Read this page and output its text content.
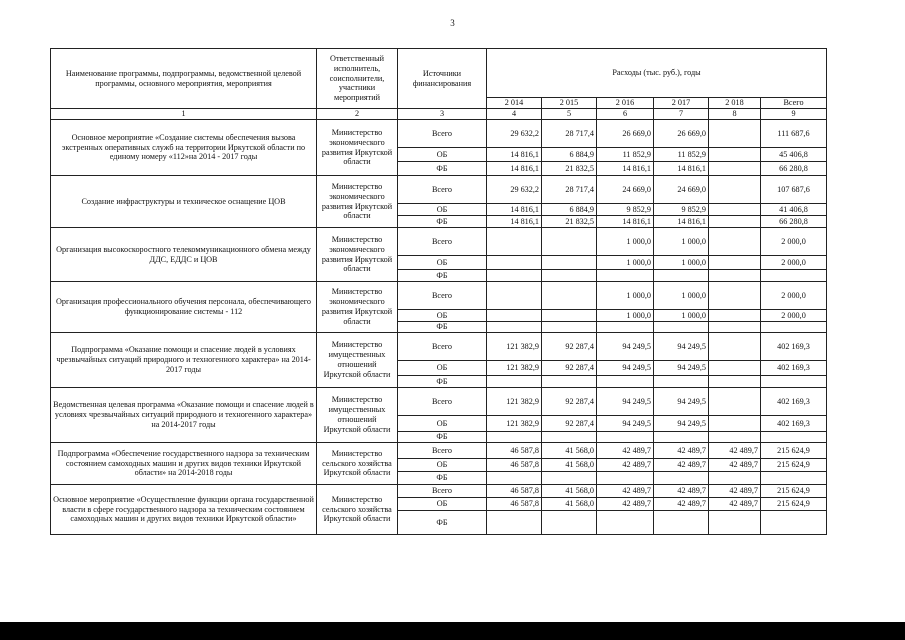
3
Наименование программы, подпрограммы, ведомственной целевой программы, основного мероприятия, мероприятия	Ответственный исполнитель, соисполнители, участники мероприятий	Источники финансирования	Расходы (тыс. руб.), годы					
			2 014	2 015	2 016	2 017	2 018	Всего
1	2	3	4	5	6	7	8	9
Основное мероприятие «Создание системы обеспечения вызова экстренных оперативных служб на территории Иркутской области по единому номеру «112»на 2014 - 2017 годы	Министерство экономического развития Иркутской области	Всего	29 632,2	28 717,4	26 669,0	26 669,0		111 687,6
		ОБ	14 816,1	6 884,9	11 852,9	11 852,9		45 406,8
		ФБ	14 816,1	21 832,5	14 816,1	14 816,1		66 280,8
Создание инфраструктуры и техническое оснащение ЦОВ	Министерство экономического развития Иркутской области	Всего	29 632,2	28 717,4	24 669,0	24 669,0		107 687,6
		ОБ	14 816,1	6 884,9	9 852,9	9 852,9		41 406,8
		ФБ	14 816,1	21 832,5	14 816,1	14 816,1		66 280,8
Организация высокоскоростного телекоммуникационного обмена между ДДС, ЕДДС и ЦОВ	Министерство экономического развития Иркутской области	Всего			1 000,0	1 000,0		2 000,0
		ОБ			1 000,0	1 000,0		2 000,0
		ФБ						
Организация профессионального обучения персонала, обеспечивающего функционирование системы - 112	Министерство экономического развития Иркутской области	Всего			1 000,0	1 000,0		2 000,0
		ОБ			1 000,0	1 000,0		2 000,0
		ФБ						
Подпрограмма «Оказание помощи и спасение людей в условиях чрезвычайных ситуаций природного и техногенного характера» на 2014-2017 годы	Министерство имущественных отношений Иркутской области	Всего	121 382,9	92 287,4	94 249,5	94 249,5		402 169,3
		ОБ	121 382,9	92 287,4	94 249,5	94 249,5		402 169,3
		ФБ						
Ведомственная целевая программа «Оказание помощи и спасение людей в условиях чрезвычайных ситуаций природного и техногенного характера» на 2014-2017 годы	Министерство имущественных отношений Иркутской области	Всего	121 382,9	92 287,4	94 249,5	94 249,5		402 169,3
		ОБ	121 382,9	92 287,4	94 249,5	94 249,5		402 169,3
		ФБ						
Подпрограмма «Обеспечение государственного надзора за техническим состоянием самоходных машин и других видов техники Иркутской области» на 2014-2018 годы	Министерство сельского хозяйства Иркутской области	Всего	46 587,8	41 568,0	42 489,7	42 489,7	42 489,7	215 624,9
		ОБ	46 587,8	41 568,0	42 489,7	42 489,7	42 489,7	215 624,9
		ФБ						
Основное мероприятие «Осуществление функции органа государственной власти в сфере государственного надзора за техническим состоянием самоходных машин и других видов техники Иркутской области»	Министерство сельского хозяйства Иркутской области	Всего	46 587,8	41 568,0	42 489,7	42 489,7	42 489,7	215 624,9
		ОБ	46 587,8	41 568,0	42 489,7	42 489,7	42 489,7	215 624,9
		ФБ						
